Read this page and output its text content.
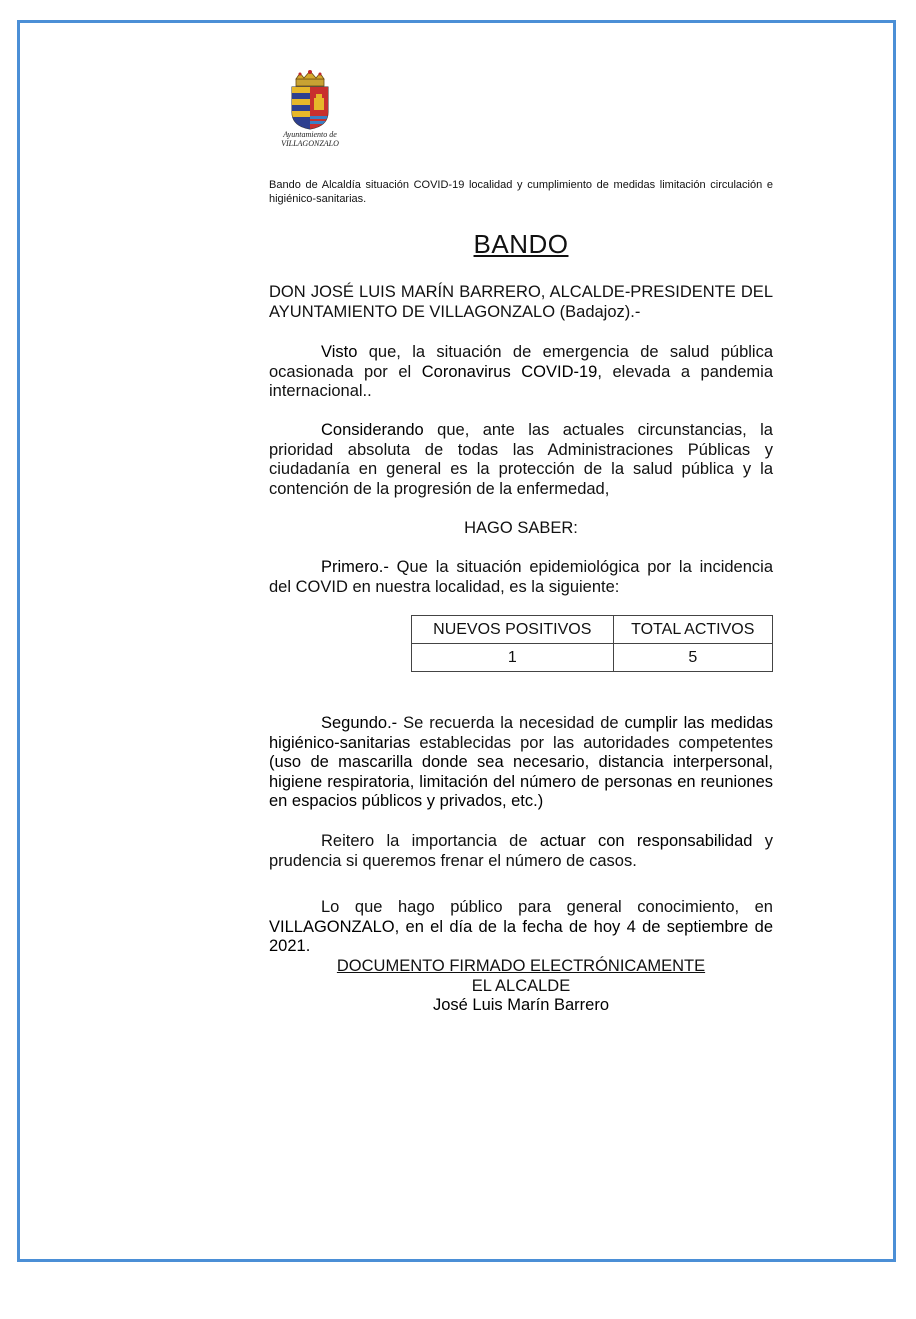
Ayuntamiento de
VILLAGONZALO
Bando de Alcaldía situación COVID-19 localidad y cumplimiento de medidas limitación circulación e higiénico-sanitarias.
BANDO
DON JOSÉ LUIS MARÍN BARRERO, ALCALDE-PRESIDENTE DEL AYUNTAMIENTO DE VILLAGONZALO (Badajoz).-
Visto que, la situación de emergencia de salud pública ocasionada por el Coronavirus COVID-19, elevada a pandemia internacional..
Considerando que, ante las actuales circunstancias, la prioridad absoluta de todas las Administraciones Públicas y ciudadanía en general es la protección de la salud pública y la contención de la progresión de la enfermedad,
HAGO SABER:
Primero.- Que la situación epidemiológica por la incidencia del COVID en nuestra localidad, es la siguiente:
NUEVOS POSITIVOS	TOTAL ACTIVOS
1	5
Segundo.- Se recuerda la necesidad de cumplir las medidas higiénico-sanitarias establecidas por las autoridades competentes (uso de mascarilla donde sea necesario, distancia interpersonal, higiene respiratoria, limitación del número de personas en reuniones en espacios públicos y privados, etc.)
Reitero la importancia de actuar con responsabilidad y prudencia si queremos frenar el número de casos.
Lo que hago público para general conocimiento, en VILLAGONZALO, en el día de la fecha de hoy 4 de septiembre de 2021.
DOCUMENTO FIRMADO ELECTRÓNICAMENTE
EL ALCALDE
José Luis Marín Barrero
